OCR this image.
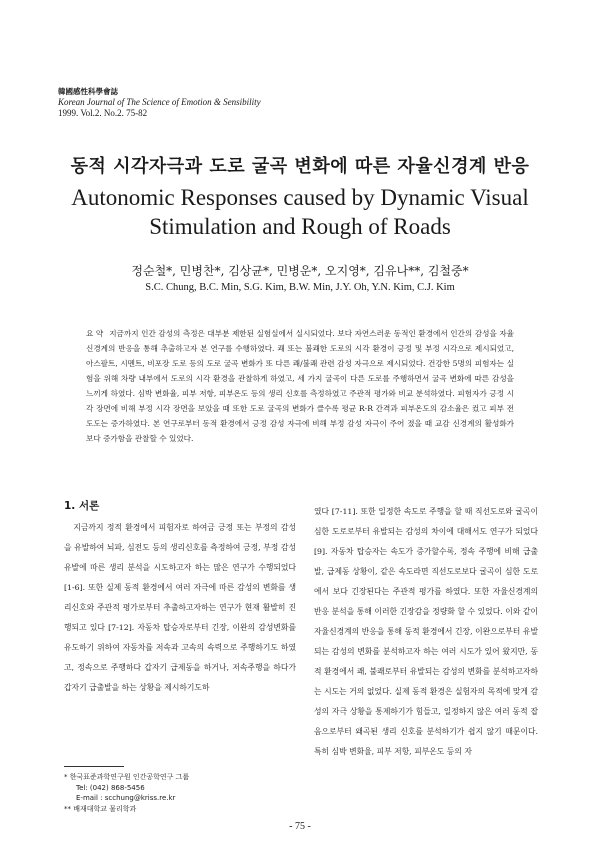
韓國感性科學會誌
Korean Journal of The Science of Emotion & Sensibility
1999. Vol.2. No.2. 75-82
동적 시각자극과 도로 굴곡 변화에 따른 자율신경계 반응
Autonomic Responses caused by Dynamic Visual
Stimulation and Rough of Roads
정순철*, 민병찬*, 김상균*, 민병운*, 오지영*, 김유나**, 김철중*
S.C. Chung, B.C. Min, S.G. Kim, B.W. Min, J.Y. Oh, Y.N. Kim, C.J. Kim
요 약 지금까지 인간 감성의 측정은 대부분 제한된 실험실에서 실시되었다. 보다 자연스러운 동적인 환경에서 인간의 감성을 자율신경계의 반응을 통해 추출하고자 본 연구를 수행하였다. 쾌 또는 불쾌한 도로의 시각 환경이 긍정 및 부정 시각으로 제시되었고, 아스팔트, 시멘트, 비포장 도로 등의 도로 굴곡 변화가 또 다른 쾌/불쾌 관련 감성 자극으로 제시되었다. 건강한 5명의 피험자는 실험을 위해 차량 내부에서 도로의 시각 환경을 관찰하게 하였고, 세 가지 굴곡이 다른 도로를 주행하면서 굴곡 변화에 따른 감성을 느끼게 하였다. 심박 변화율, 피부 저항, 피부온도 등의 생리 신호를 측정하였고 주관적 평가와 비교 분석하였다. 피험자가 긍정 시각 장면에 비해 부정 시각 장면을 보았을 때 또한 도로 굴곡의 변화가 클수록 평균 R-R 간격과 피부온도의 감소율은 컸고 피부 전도도는 증가하였다. 본 연구로부터 동적 환경에서 긍정 감성 자극에 비해 부정 감성 자극이 주어 졌을 때 교감 신경계의 활성화가 보다 증가함을 관찰할 수 있었다.
1. 서론

지금까지 정적 환경에서 피험자로 하여금 긍정 또는 부정의 감성을 유발하여 뇌파, 심전도 등의 생리신호를 측정하여 긍정, 부정 감성유발에 따른 생리 분석을 시도하고자 하는 많은 연구가 수행되었다 [1-6]. 또한 실제 동적 환경에서 여러 자극에 따른 감성의 변화를 생리신호와 주관적 평가로부터 추출하고자하는 연구가 현재 활발히 진행되고 있다 [7-12]. 자동차 탑승자로부터 긴장, 이완의 감성변화를 유도하기 위하여 자동차를 저속과 고속의 속력으로 주행하기도 하였고, 정속으로 주행하다 갑자기 급제동을 하거나, 저속주행을 하다가 갑자기 급출발을 하는 상황을 제시하기도하

였다 [7-11]. 또한 일정한 속도로 주행을 할 때 직선도로와 굴곡이 심한 도로로부터 유발되는 감성의 차이에 대해서도 연구가 되었다 [9]. 자동차 탑승자는 속도가 증가할수록, 정속 주행에 비해 급출발, 급제동 상황이, 같은 속도라면 직선도로보다 굴곡이 심한 도로에서 보다 긴장된다는 주관적 평가를 하였다. 또한 자율신경계의 반응 분석을 통해 이러한 긴장감을 정량화 할 수 있었다. 이와 같이 자율신경계의 반응을 통해 동적 환경에서 긴장, 이완으로부터 유발되는 감성의 변화를 분석하고자 하는 여러 시도가 있어 왔지만, 동적 환경에서 쾌, 불쾌로부터 유발되는 감성의 변화를 분석하고자하는 시도는 거의 없었다. 실제 동적 환경은 실험자의 목적에 맞게 감성의 자극 상황을 통제하기가 힘들고, 일정하지 않은 여러 동적 잡음으로부터 왜곡된 생리 신호를 분석하기가 쉽지 않기 때문이다. 특히 심박 변화율, 피부 저항, 피부온도 등의 자

* 한국표준과학연구원 인간공학연구 그룹
Tel: (042) 868-5456
E-mail : scchung@kriss.re.kr
** 배재대학교 물리학과
- 75 -
